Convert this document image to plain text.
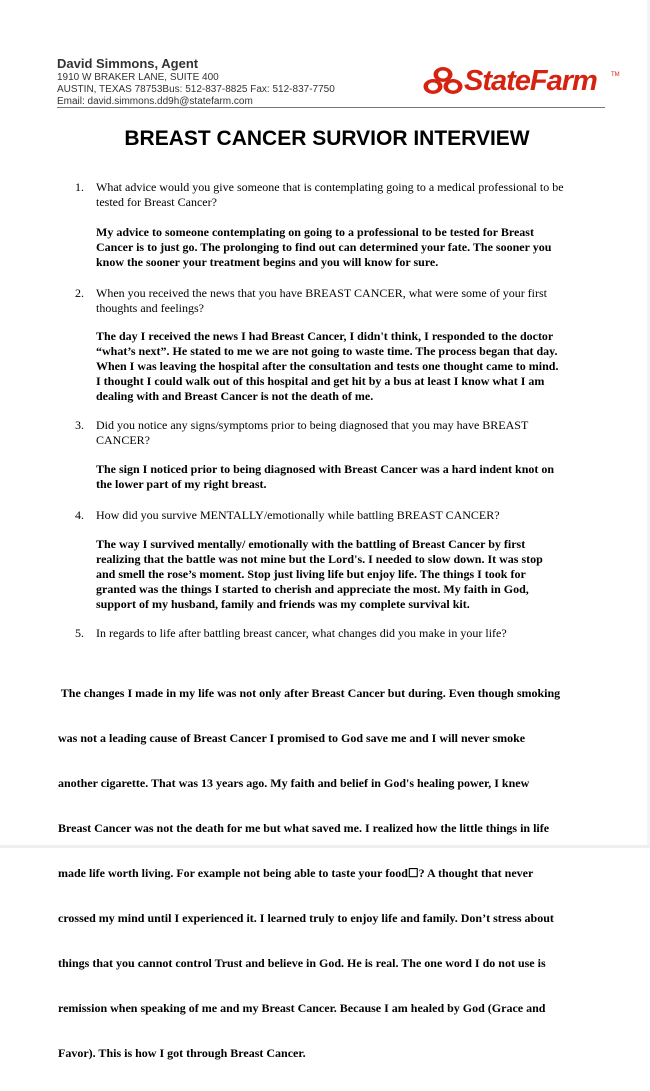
David Simmons, Agent
1910 W BRAKER LANE, SUITE 400
AUSTIN, TEXAS 78753Bus: 512-837-8825 Fax: 512-837-7750
Email: david.simmons.dd9h@statefarm.com
StateFarm TM
BREAST CANCER SURVIOR INTERVIEW
1. What advice would you give someone that is contemplating going to a medical professional to be
tested for Breast Cancer?
My advice to someone contemplating on going to a professional to be tested for Breast
Cancer is to just go. The prolonging to find out can determined your fate. The sooner you
know the sooner your treatment begins and you will know for sure.
2. When you received the news that you have BREAST CANCER, what were some of your first
thoughts and feelings?
The day I received the news I had Breast Cancer, I didn't think, I responded to the doctor
“what’s next”. He stated to me we are not going to waste time. The process began that day.
When I was leaving the hospital after the consultation and tests one thought came to mind.
I thought I could walk out of this hospital and get hit by a bus at least I know what I am
dealing with and Breast Cancer is not the death of me.
3. Did you notice any signs/symptoms prior to being diagnosed that you may have BREAST
CANCER?
The sign I noticed prior to being diagnosed with Breast Cancer was a hard indent knot on
the lower part of my right breast.
4. How did you survive MENTALLY/emotionally while battling BREAST CANCER?
The way I survived mentally/ emotionally with the battling of Breast Cancer by first
realizing that the battle was not mine but the Lord's. I needed to slow down. It was stop
and smell the rose’s moment. Stop just living life but enjoy life. The things I took for
granted was the things I started to cherish and appreciate the most. My faith in God,
support of my husband, family and friends was my complete survival kit.
5. In regards to life after battling breast cancer, what changes did you make in your life?

The changes I made in my life was not only after Breast Cancer but during. Even though smoking

was not a leading cause of Breast Cancer I promised to God save me and I will never smoke

another cigarette. That was 13 years ago. My faith and belief in God's healing power, I knew

Breast Cancer was not the death for me but what saved me. I realized how the little things in life

made life worth living. For example not being able to taste your food☐? A thought that never

crossed my mind until I experienced it. I learned truly to enjoy life and family. Don’t stress about

things that you cannot control Trust and believe in God. He is real. The one word I do not use is

remission when speaking of me and my Breast Cancer. Because I am healed by God (Grace and

Favor). This is how I got through Breast Cancer.
